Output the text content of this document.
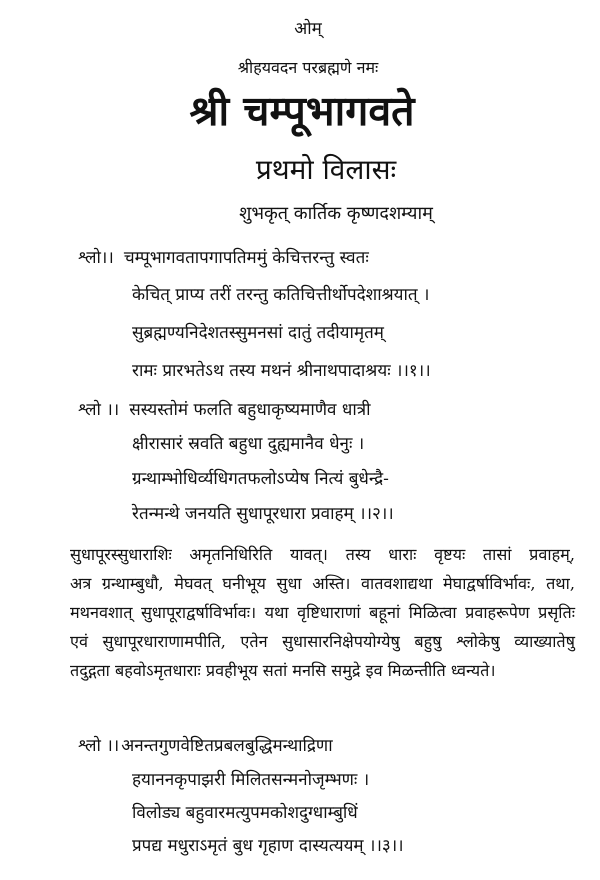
ओम्
श्रीहयवदन परब्रह्मणे नमः
श्री चम्पूभागवते
प्रथमो विलासः
शुभकृत् कार्तिक कृष्णदशम्याम्
श्लो।। चम्पूभागवतापगापतिममुं केचित्तरन्तु स्वतः
केचित् प्राप्य तरीं तरन्तु कतिचित्तीर्थोपदेशाश्रयात् ।
सुब्रह्मण्यनिदेशतस्सुमनसां दातुं तदीयामृतम्
रामः प्रारभतेऽथ तस्य मथनं श्रीनाथपादाश्रयः ।।१।।
श्लो ।। सस्यस्तोमं फलति बहुधाकृष्यमाणैव धात्री
क्षीरासारं स्रवति बहुधा दुह्यमानैव धेनुः ।
ग्रन्थाम्भोधिर्व्यधिगतफलोऽप्येष नित्यं बुधेन्द्रै-
रेतन्मन्थे जनयति सुधापूरधारा प्रवाहम् ।।२।।
सुधापूरस्सुधाराशिः अमृतनिधिरिति यावत्। तस्य धाराः वृष्टयः तासां प्रवाहम्,
अत्र ग्रन्थाम्बुधौ, मेघवत् घनीभूय सुधा अस्ति। वातवशाद्यथा मेघाद्वर्षाविर्भावः, तथा,
मथनवशात् सुधापूराद्वर्षाविर्भावः। यथा वृष्टिधाराणां बहूनां मिळित्वा प्रवाहरूपेण प्रसृतिः
एवं सुधापूरधाराणामपीति, एतेन सुधासारनिक्षेपयोग्येषु बहुषु श्लोकेषु व्याख्यातेषु
तदुद्गता बहवोऽमृतधाराः प्रवहीभूय सतां मनसि समुद्रे इव मिळन्तीति ध्वन्यते।
श्लो ।। अनन्तगुणवेष्टितप्रबलबुद्धिमन्थाद्रिणा
हयाननकृपाझरी मिलितसन्मनोजृम्भणः ।
विलोड्य बहुवारमत्युपमकोशदुग्धाम्बुधिं
प्रपद्य मधुराऽमृतं बुध गृहाण दास्यत्ययम् ।।३।।
